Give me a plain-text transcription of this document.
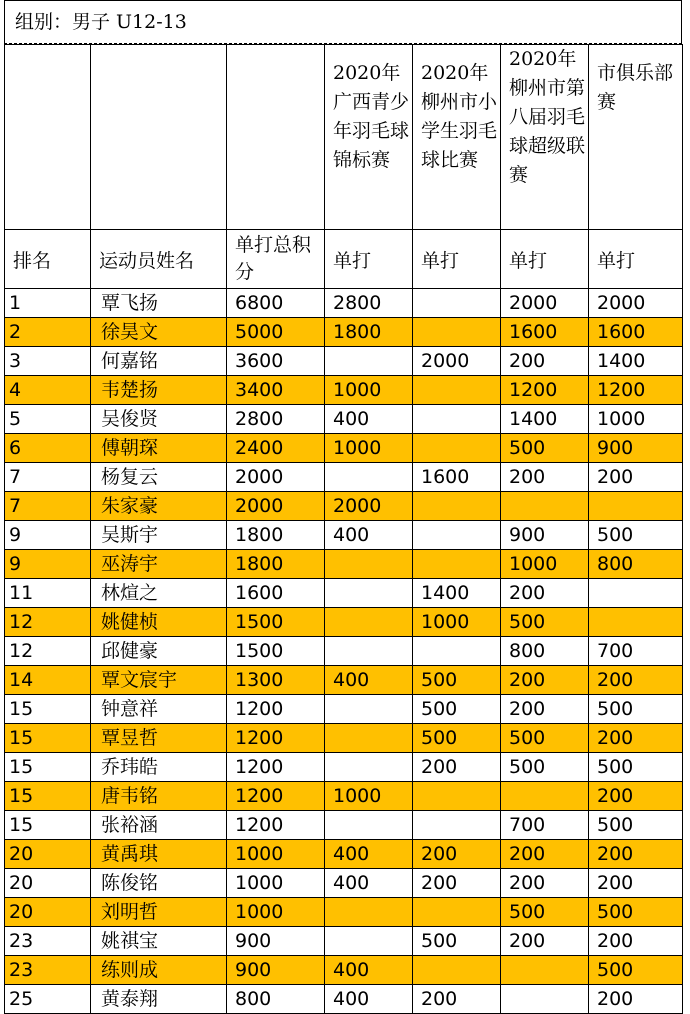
组别：男子 U12-13
			2020年广西青少年羽毛球锦标赛	2020年柳州市小学生羽毛球比赛	2020年柳州市第八届羽毛球超级联赛	市俱乐部赛
排名	运动员姓名	单打总积分	单打	单打	单打	单打
1	覃飞扬	6800	2800		2000	2000
2	徐昊文	5000	1800		1600	1600
3	何嘉铭	3600		2000	200	1400
4	韦楚扬	3400	1000		1200	1200
5	吴俊贤	2800	400		1400	1000
6	傅朝琛	2400	1000		500	900
7	杨复云	2000		1600	200	200
7	朱家豪	2000	2000			
9	吴斯宇	1800	400		900	500
9	巫涛宇	1800			1000	800
11	林煊之	1600		1400	200	
12	姚健桢	1500		1000	500	
12	邱健豪	1500			800	700
14	覃文宸宇	1300	400	500	200	200
15	钟意祥	1200		500	200	500
15	覃昱哲	1200		500	500	200
15	乔玮皓	1200		200	500	500
15	唐韦铭	1200	1000			200
15	张裕涵	1200			700	500
20	黄禹琪	1000	400	200	200	200
20	陈俊铭	1000	400	200	200	200
20	刘明哲	1000			500	500
23	姚祺宝	900		500	200	200
23	练则成	900	400			500
25	黄泰翔	800	400	200		200
